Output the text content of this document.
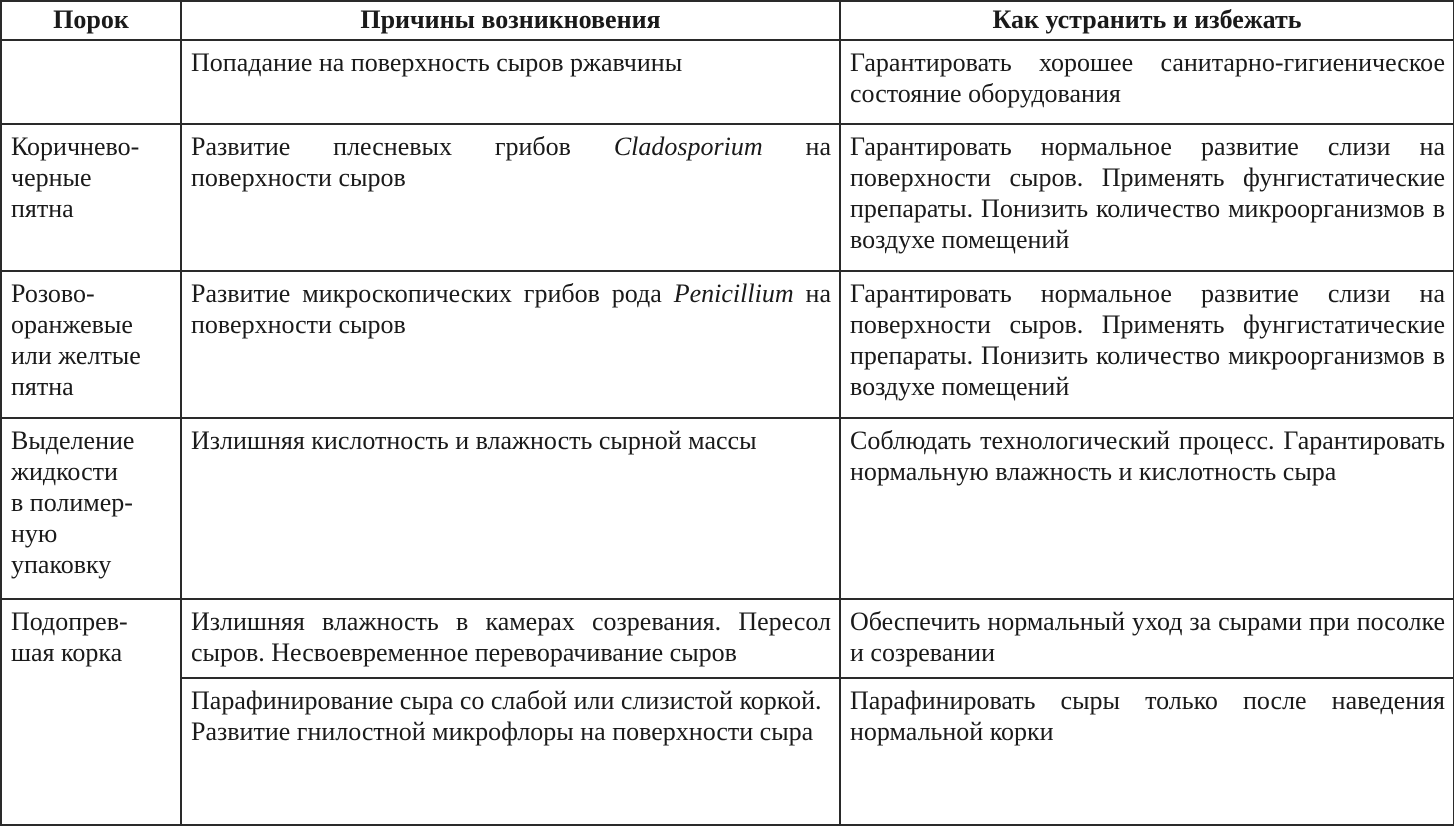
Порок	Причины возникновения	Как устранить и избежать
	Попадание на поверхность сыров ржавчины	Гарантировать хорошее санитарно-гигиеническое состояние оборудования

Коричнево-
черные
пятна	Развитие плесневых грибов Cladosporium на поверхности сыров	Гарантировать нормальное развитие слизи на поверхности сыров. Применять фунгистатические препараты. Понизить количество микроорганизмов в воздухе помещений

Розово-
оранжевые
или желтые
пятна	Развитие микроскопических грибов рода Penicillium на поверхности сыров	Гарантировать нормальное развитие слизи на поверхности сыров. Применять фунгистатические препараты. Понизить количество микроорганизмов в воздухе помещений

Выделение
жидкости
в полимер-
ную
упаковку	Излишняя кислотность и влажность сырной массы	Соблюдать технологический процесс. Гарантировать нормальную влажность и кислотность сыра

Подопрев-
шая корка	Излишняя влажность в камерах созревания. Пересол сыров. Несвоевременное переворачивание сыров	Обеспечить нормальный уход за сырами при посолке и созревании

	Парафинирование сыра со слабой или слизистой коркой.
Развитие гнилостной микрофлоры на поверхности сыра	Парафинировать сыры только после наведения нормальной корки
